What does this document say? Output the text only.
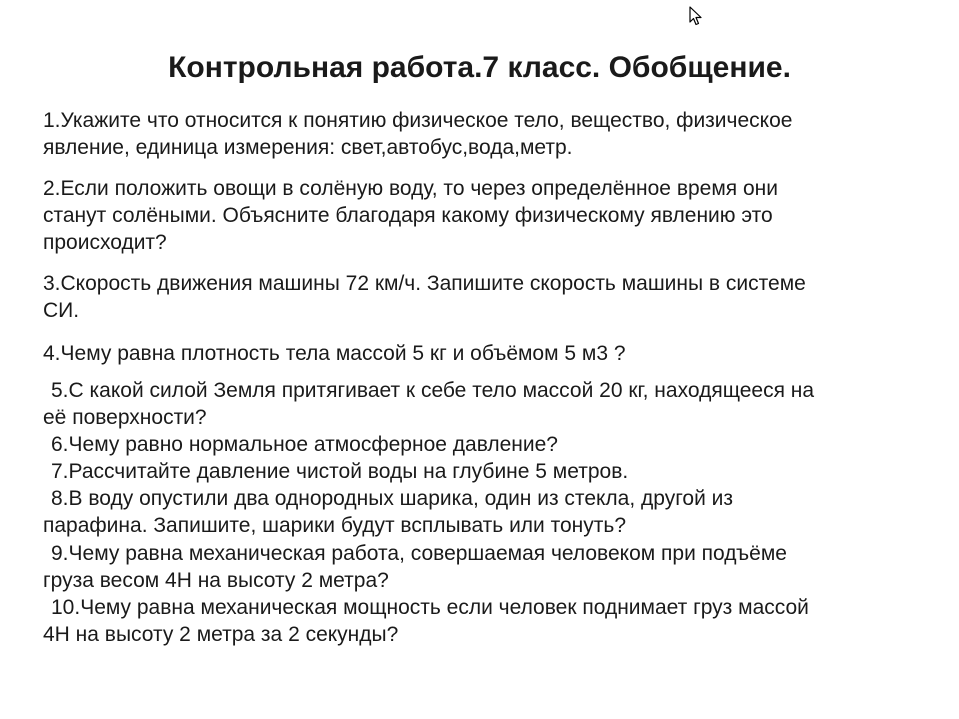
Контрольная работа.7 класс. Обобщение.
1.Укажите что относится к понятию физическое тело, вещество, физическое
явление, единица измерения: свет,автобус,вода,метр.
2.Если положить овощи в солёную воду, то через определённое время они
станут солёными. Объясните благодаря какому физическому явлению это
происходит?
3.Скорость движения машины 72 км/ч. Запишите скорость машины в системе
СИ.
4.Чему равна плотность тела массой 5 кг и объёмом 5 м3 ?
5.С какой силой Земля притягивает к себе тело массой 20 кг, находящееся на
её поверхности?
6.Чему равно нормальное атмосферное давление?
7.Рассчитайте давление чистой воды на глубине 5 метров.
8.В воду опустили два однородных шарика, один из стекла, другой из
парафина. Запишите, шарики будут всплывать или тонуть?
9.Чему равна механическая работа, совершаемая человеком при подъёме
груза весом 4Н на высоту 2 метра?
10.Чему равна механическая мощность если человек поднимает груз массой
4Н на высоту 2 метра за 2 секунды?
